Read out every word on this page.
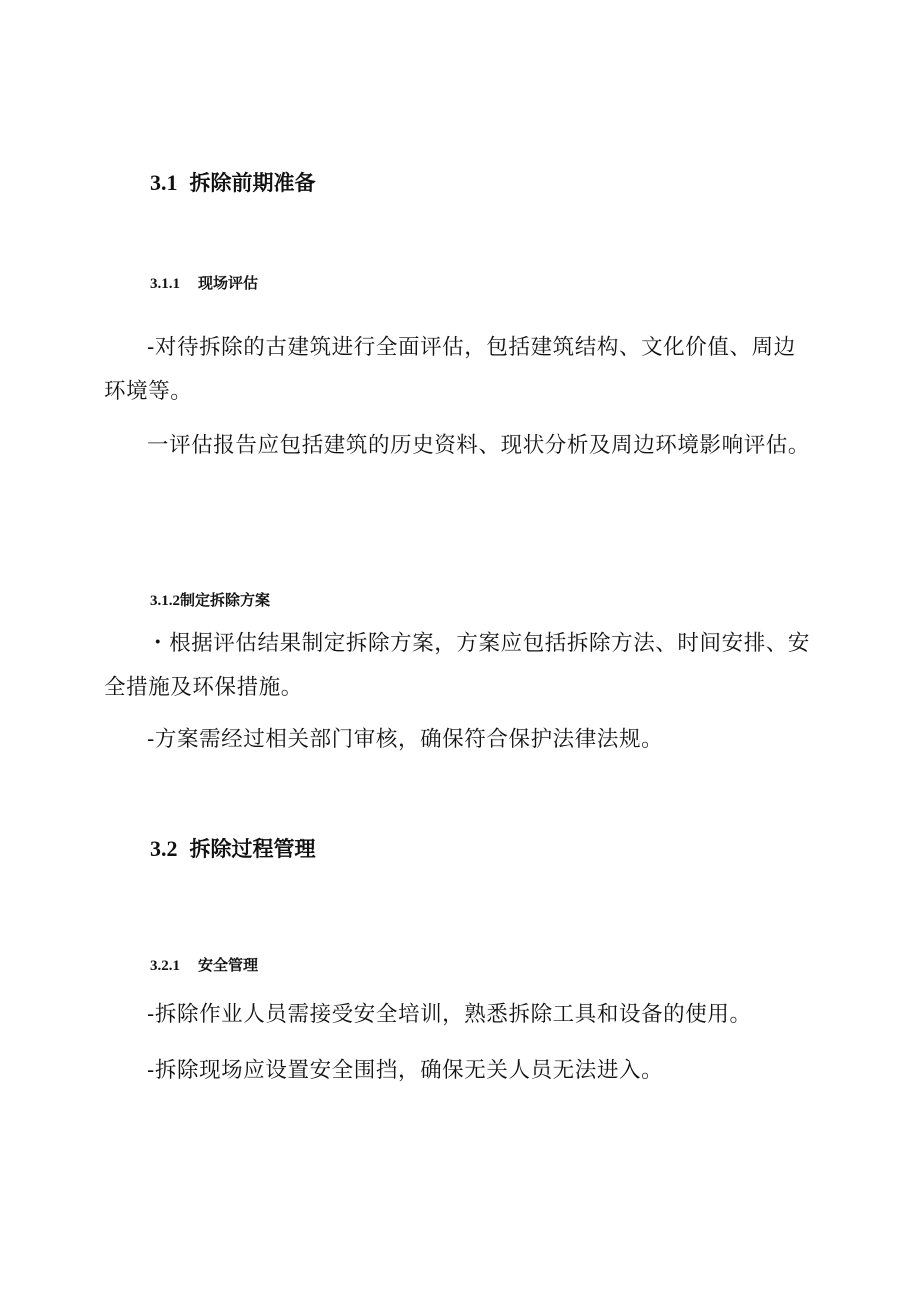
3.1 拆除前期准备
3.1.1 现场评估

-对待拆除的古建筑进行全面评估，包括建筑结构、文化价值、周边环境等。

一评估报告应包括建筑的历史资料、现状分析及周边环境影响评估。

3.1.2制定拆除方案

・根据评估结果制定拆除方案，方案应包括拆除方法、时间安排、安全措施及环保措施。

-方案需经过相关部门审核，确保符合保护法律法规。

3.2 拆除过程管理
3.2.1 安全管理

-拆除作业人员需接受安全培训，熟悉拆除工具和设备的使用。

-拆除现场应设置安全围挡，确保无关人员无法进入。
